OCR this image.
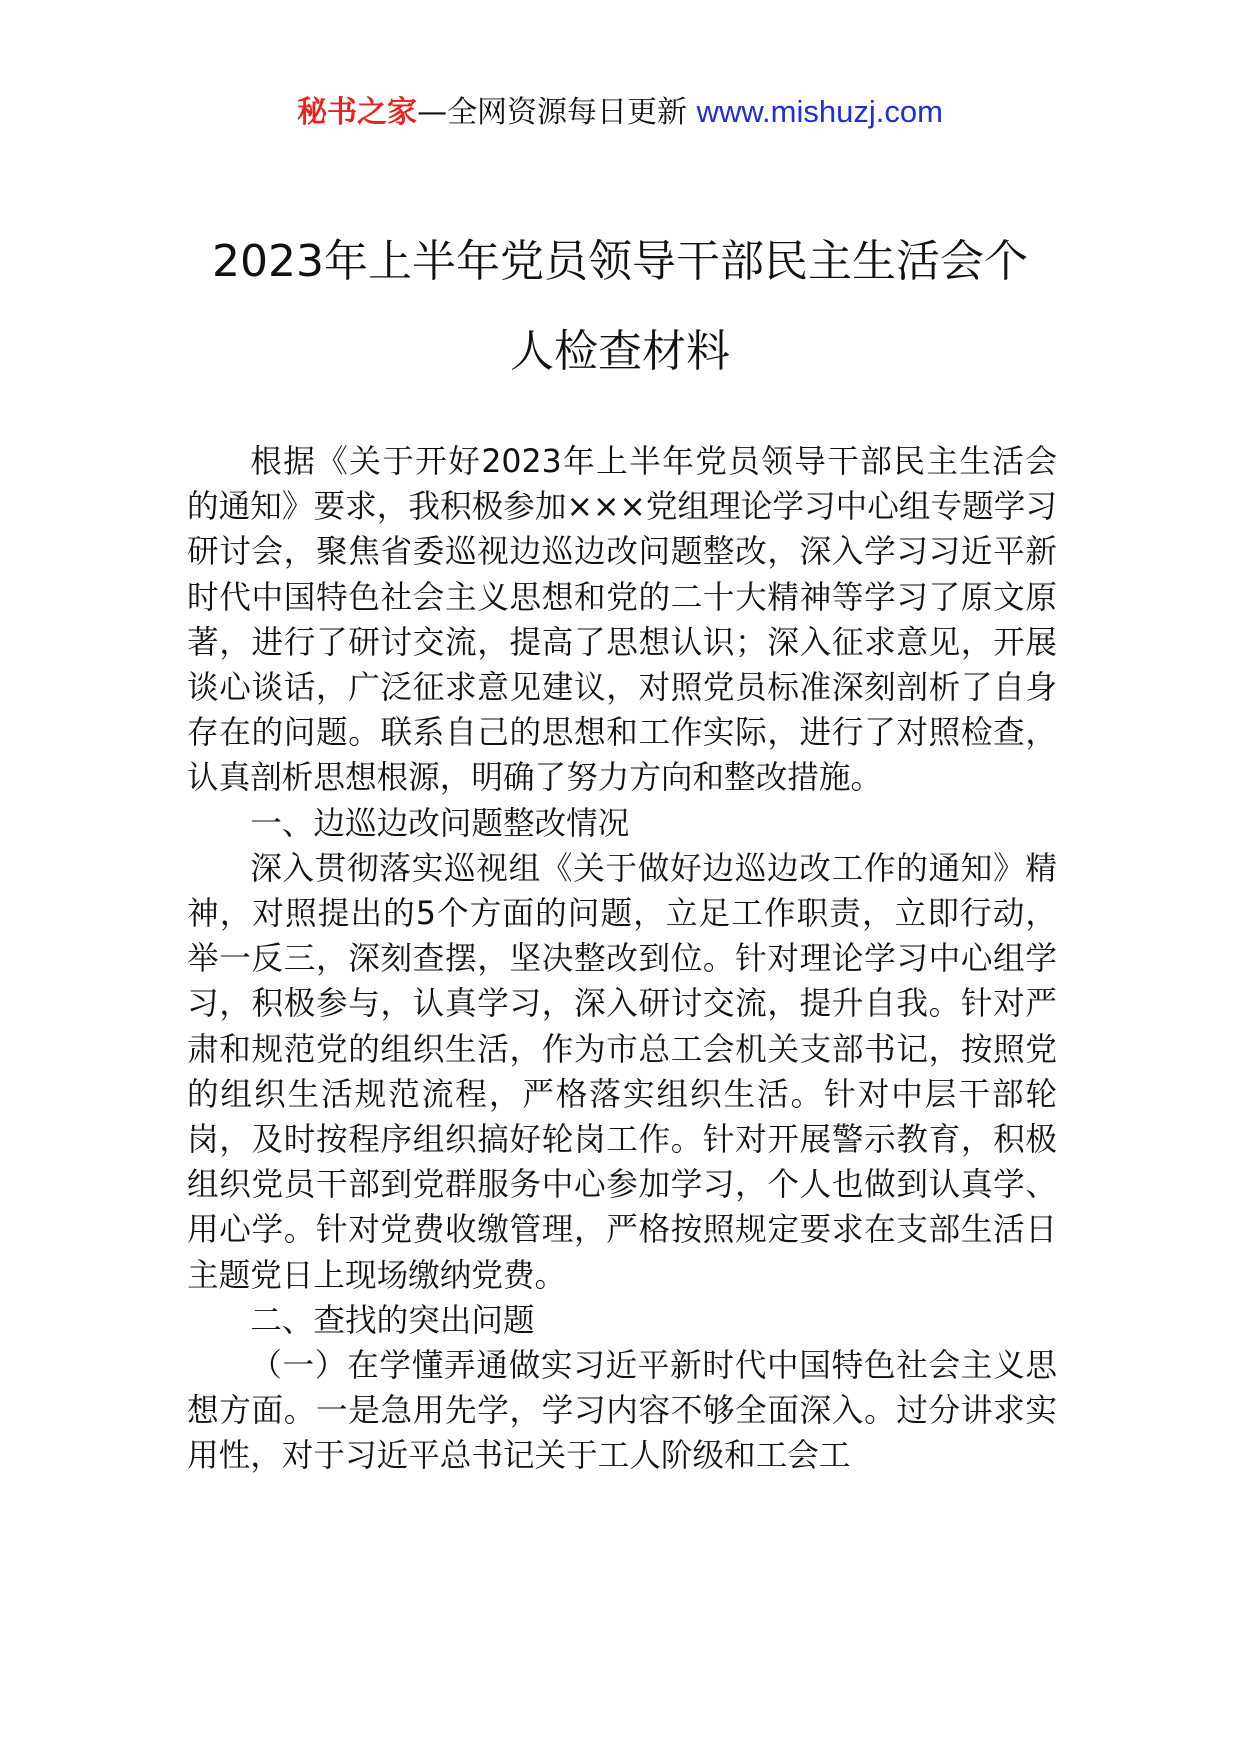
秘书之家—全网资源每日更新 www.mishuzj.com
2023年上半年党员领导干部民主生活会个
人检查材料

根据《关于开好2023年上半年党员领导干部民主生活会的通知》要求，我积极参加×××党组理论学习中心组专题学习研讨会，聚焦省委巡视边巡边改问题整改，深入学习习近平新时代中国特色社会主义思想和党的二十大精神等学习了原文原著，进行了研讨交流，提高了思想认识；深入征求意见，开展谈心谈话，广泛征求意见建议，对照党员标准深刻剖析了自身存在的问题。联系自己的思想和工作实际，进行了对照检查，认真剖析思想根源，明确了努力方向和整改措施。

一、边巡边改问题整改情况

深入贯彻落实巡视组《关于做好边巡边改工作的通知》精神，对照提出的5个方面的问题，立足工作职责，立即行动，举一反三，深刻查摆，坚决整改到位。针对理论学习中心组学习，积极参与，认真学习，深入研讨交流，提升自我。针对严肃和规范党的组织生活，作为市总工会机关支部书记，按照党的组织生活规范流程，严格落实组织生活。针对中层干部轮岗，及时按程序组织搞好轮岗工作。针对开展警示教育，积极组织党员干部到党群服务中心参加学习，个人也做到认真学、用心学。针对党费收缴管理，严格按照规定要求在支部生活日主题党日上现场缴纳党费。

二、查找的突出问题

（一）在学懂弄通做实习近平新时代中国特色社会主义思想方面。一是急用先学，学习内容不够全面深入。过分讲求实用性，对于习近平总书记关于工人阶级和工会工
